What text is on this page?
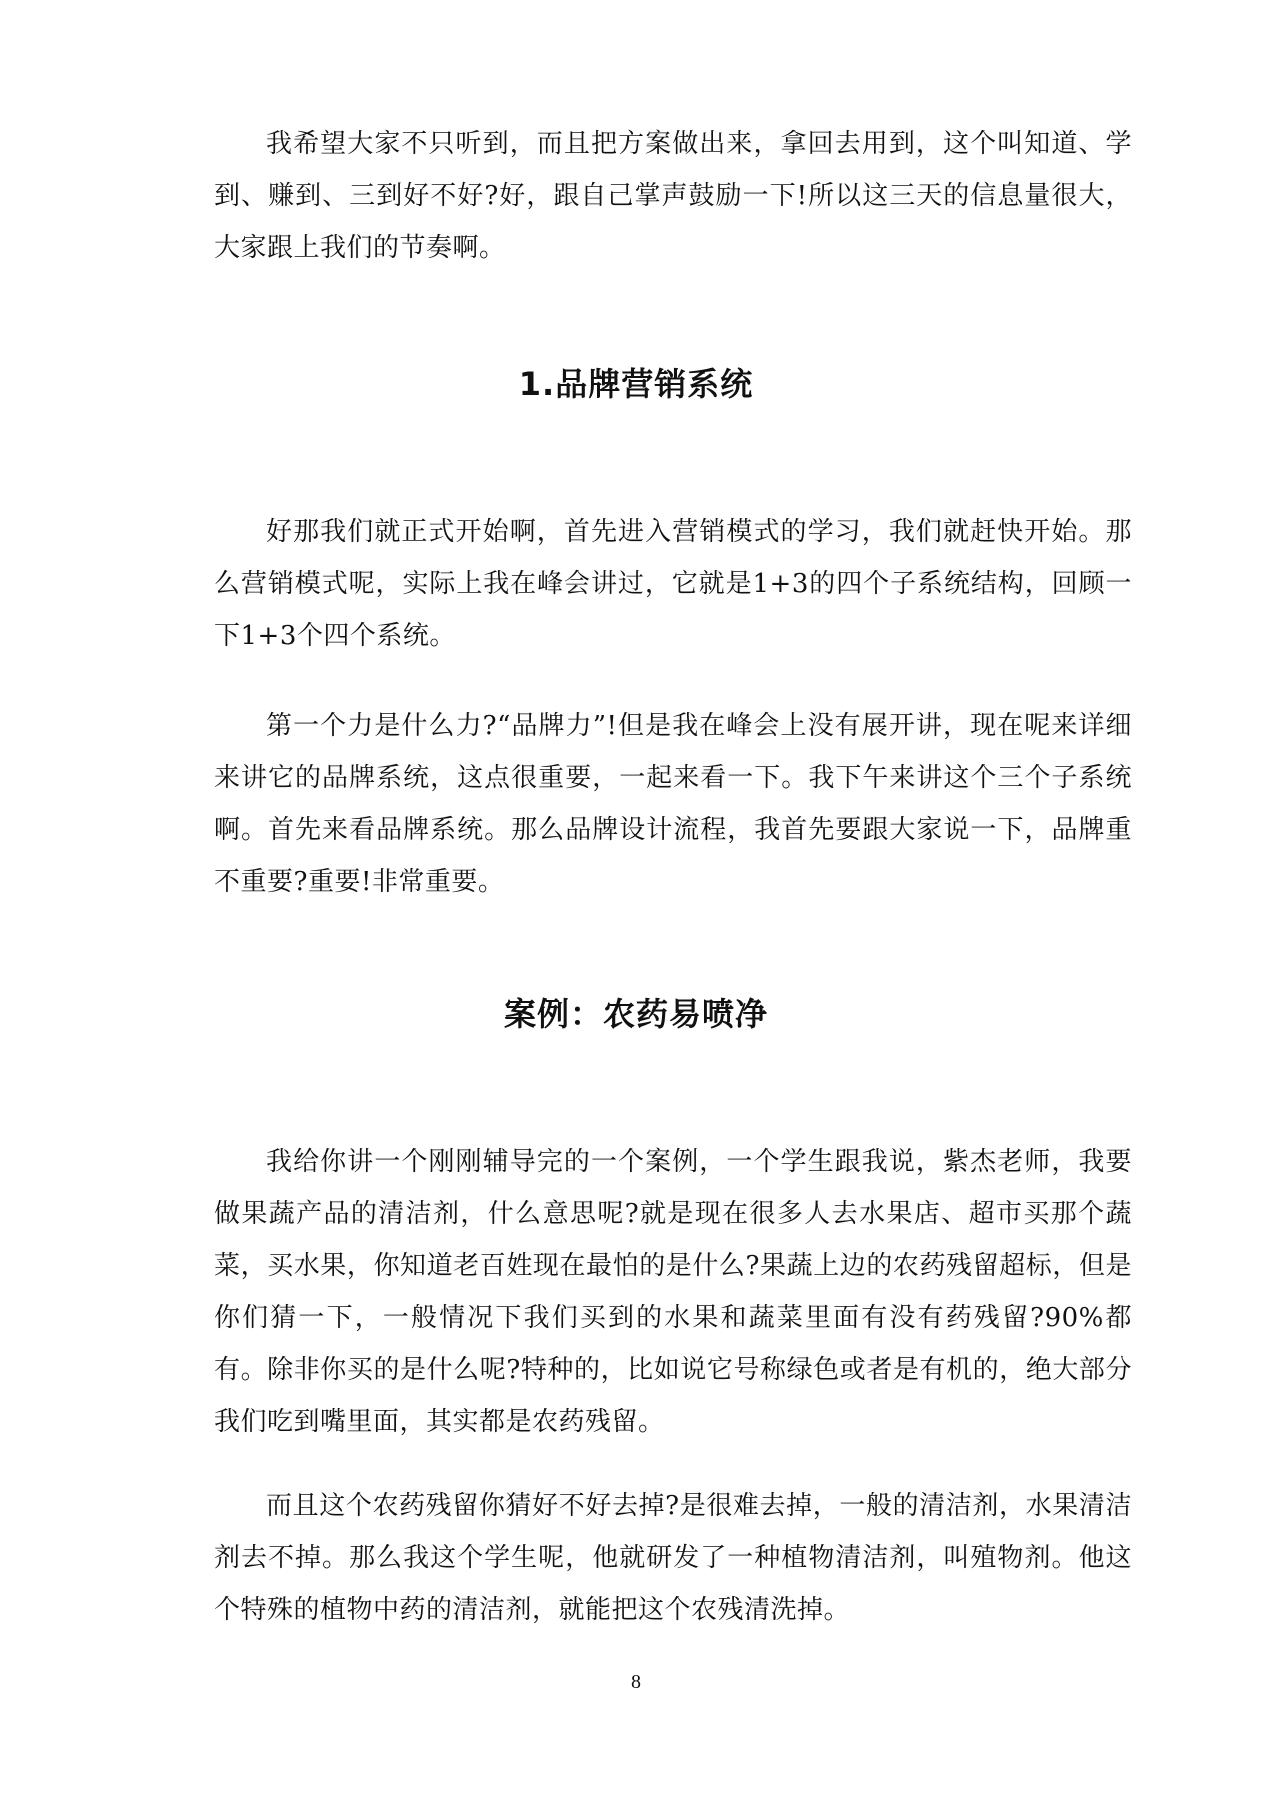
我希望大家不只听到，而且把方案做出来，拿回去用到，这个叫知道、学到、赚到、三到好不好?好，跟自己掌声鼓励一下!所以这三天的信息量很大，大家跟上我们的节奏啊。

1.品牌营销系统

好那我们就正式开始啊，首先进入营销模式的学习，我们就赶快开始。那么营销模式呢，实际上我在峰会讲过，它就是1+3的四个子系统结构，回顾一下1+3个四个系统。

第一个力是什么力?“品牌力”!但是我在峰会上没有展开讲，现在呢来详细来讲它的品牌系统，这点很重要，一起来看一下。我下午来讲这个三个子系统啊。首先来看品牌系统。那么品牌设计流程，我首先要跟大家说一下，品牌重不重要?重要!非常重要。

案例：农药易喷净

我给你讲一个刚刚辅导完的一个案例，一个学生跟我说，紫杰老师，我要做果蔬产品的清洁剂，什么意思呢?就是现在很多人去水果店、超市买那个蔬菜，买水果，你知道老百姓现在最怕的是什么?果蔬上边的农药残留超标，但是你们猜一下，一般情况下我们买到的水果和蔬菜里面有没有药残留?90%都有。除非你买的是什么呢?特种的，比如说它号称绿色或者是有机的，绝大部分我们吃到嘴里面，其实都是农药残留。

而且这个农药残留你猜好不好去掉?是很难去掉，一般的清洁剂，水果清洁剂去不掉。那么我这个学生呢，他就研发了一种植物清洁剂，叫殖物剂。他这个特殊的植物中药的清洁剂，就能把这个农残清洗掉。

8
